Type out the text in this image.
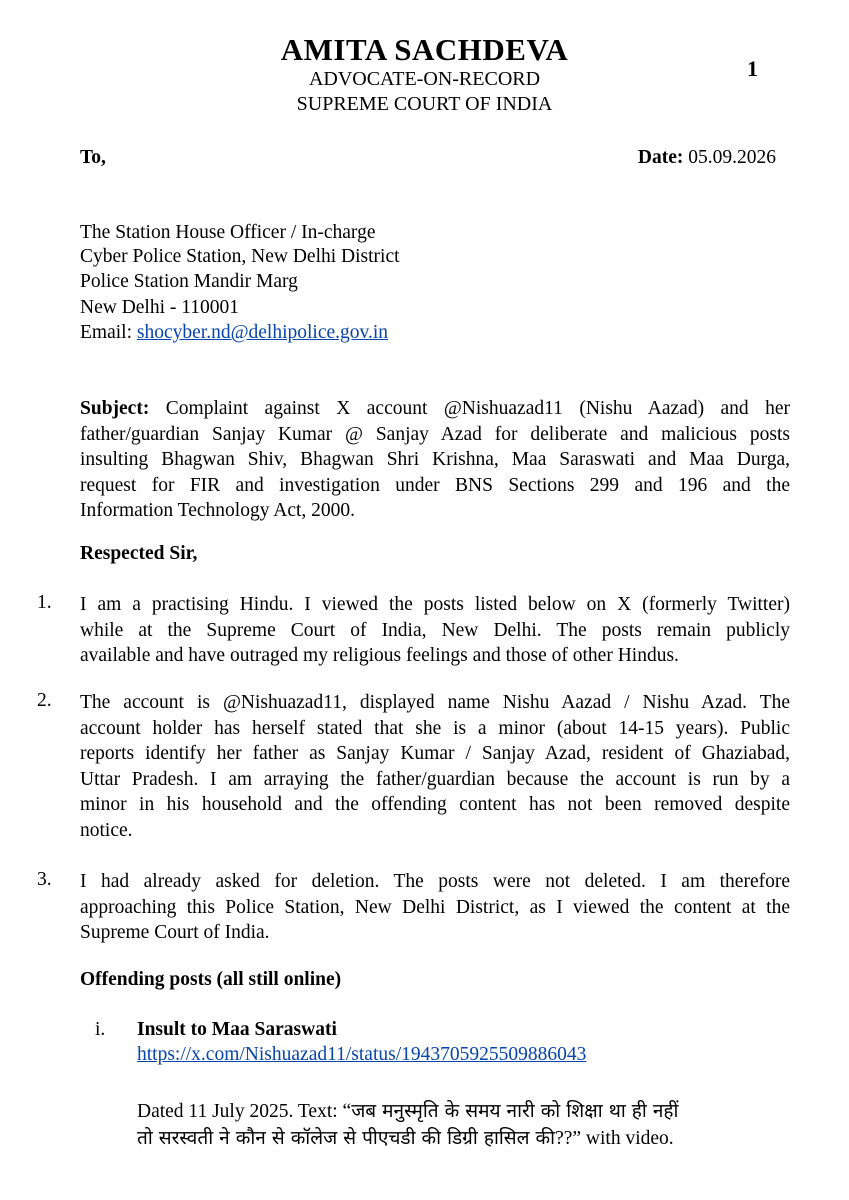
AMITA SACHDEVA
ADVOCATE-ON-RECORD
SUPREME COURT OF INDIA
1
To,	Date: 05.09.2026
The Station House Officer / In-charge
Cyber Police Station, New Delhi District
Police Station Mandir Marg
New Delhi - 110001
Email: shocyber.nd@delhipolice.gov.in
Subject: Complaint against X account @Nishuazad11 (Nishu Aazad) and her
father/guardian Sanjay Kumar @ Sanjay Azad for deliberate and malicious posts
insulting Bhagwan Shiv, Bhagwan Shri Krishna, Maa Saraswati and Maa Durga,
request for FIR and investigation under BNS Sections 299 and 196 and the
Information Technology Act, 2000.
Respected Sir,
1. I am a practising Hindu. I viewed the posts listed below on X (formerly Twitter)
while at the Supreme Court of India, New Delhi. The posts remain publicly
available and have outraged my religious feelings and those of other Hindus.
2. The account is @Nishuazad11, displayed name Nishu Aazad / Nishu Azad. The
account holder has herself stated that she is a minor (about 14-15 years). Public
reports identify her father as Sanjay Kumar / Sanjay Azad, resident of Ghaziabad,
Uttar Pradesh. I am arraying the father/guardian because the account is run by a
minor in his household and the offending content has not been removed despite
notice.
3. I had already asked for deletion. The posts were not deleted. I am therefore
approaching this Police Station, New Delhi District, as I viewed the content at the
Supreme Court of India.
Offending posts (all still online)
i. Insult to Maa Saraswati
https://x.com/Nishuazad11/status/1943705925509886043
Dated 11 July 2025. Text: “जब मनुस्मृति के समय नारी को शिक्षा था ही नहीं
तो सरस्वती ने कौन से कॉलेज से पीएचडी की डिग्री हासिल की??” with video.
